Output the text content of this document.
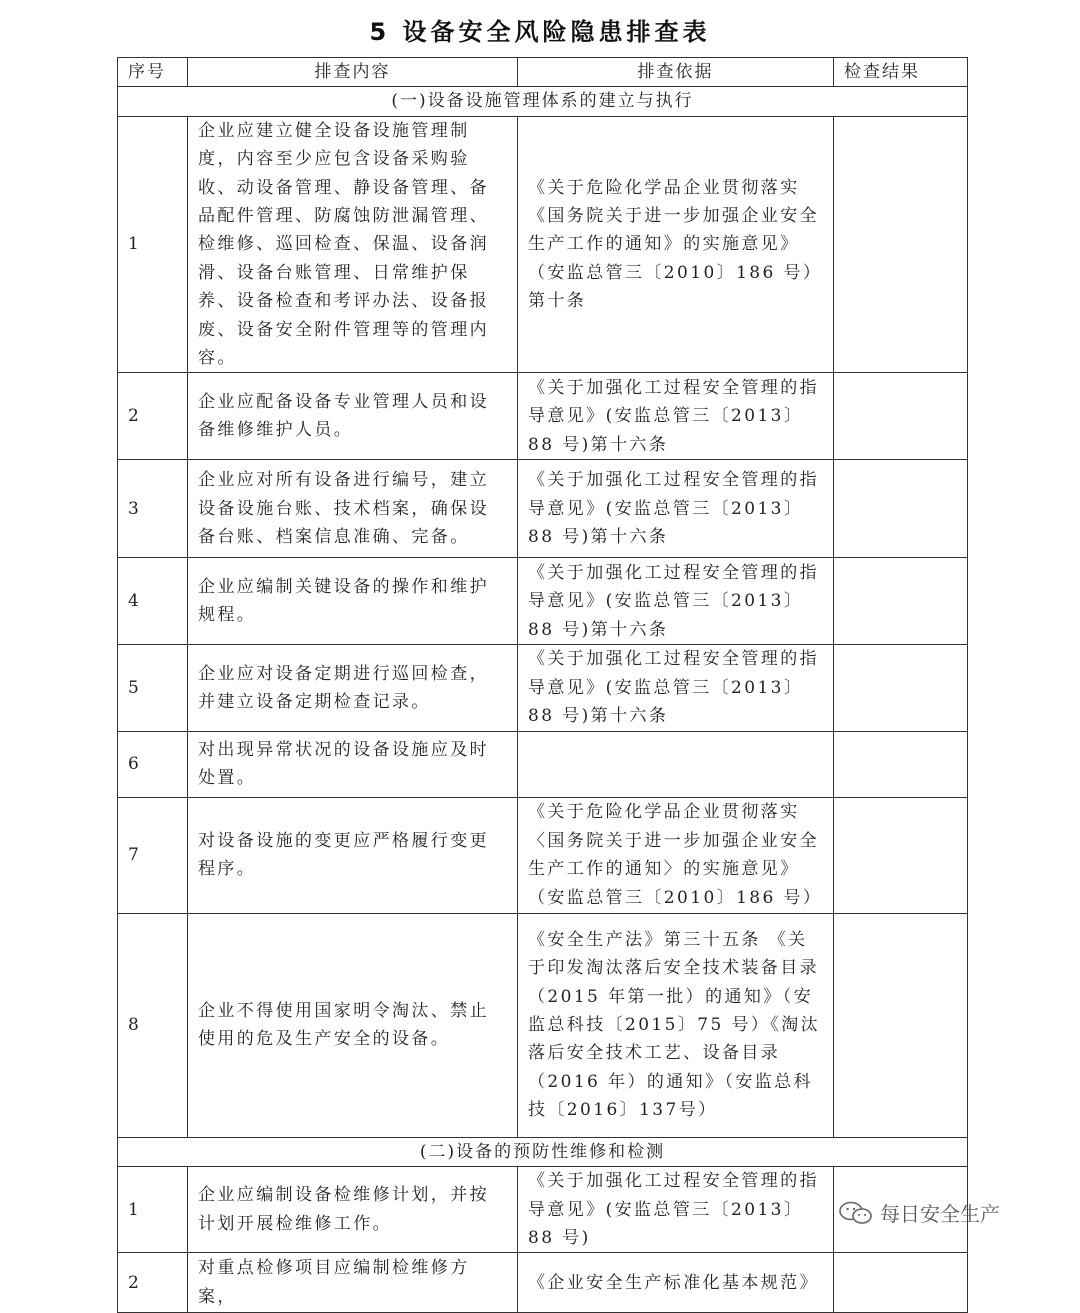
5 设备安全风险隐患排查表
序号	排查内容	排查依据	检查结果
(一)设备设施管理体系的建立与执行			
1	企业应建立健全设备设施管理制度，内容至少应包含设备采购验收、动设备管理、静设备管理、备品配件管理、防腐蚀防泄漏管理、检维修、巡回检查、保温、设备润滑、设备台账管理、日常维护保养、设备检查和考评办法、设备报废、设备安全附件管理等的管理内容。	《关于危险化学品企业贯彻落实《国务院关于进一步加强企业安全生产工作的通知》的实施意见》（安监总管三〔2010〕186 号）第十条	
2	企业应配备设备专业管理人员和设备维修维护人员。	《关于加强化工过程安全管理的指导意见》(安监总管三〔2013〕88 号)第十六条	
3	企业应对所有设备进行编号，建立设备设施台账、技术档案，确保设备台账、档案信息准确、完备。	《关于加强化工过程安全管理的指导意见》(安监总管三〔2013〕88 号)第十六条	
4	企业应编制关键设备的操作和维护规程。	《关于加强化工过程安全管理的指导意见》(安监总管三〔2013〕88 号)第十六条	
5	企业应对设备定期进行巡回检查，并建立设备定期检查记录。	《关于加强化工过程安全管理的指导意见》(安监总管三〔2013〕88 号)第十六条	
6	对出现异常状况的设备设施应及时处置。		
7	对设备设施的变更应严格履行变更程序。	《关于危险化学品企业贯彻落实〈国务院关于进一步加强企业安全生产工作的通知〉的实施意见》（安监总管三〔2010〕186 号）	
8	企业不得使用国家明令淘汰、禁止使用的危及生产安全的设备。	《安全生产法》第三十五条 《关于印发淘汰落后安全技术装备目录（2015 年第一批）的通知》（安监总科技〔2015〕75 号）《淘汰落后安全技术工艺、设备目录（2016 年）的通知》（安监总科技〔2016〕137号）	
(二)设备的预防性维修和检测			
1	企业应编制设备检维修计划，并按计划开展检维修工作。	《关于加强化工过程安全管理的指导意见》(安监总管三〔2013〕88 号)	
2	对重点检修项目应编制检维修方案，	《企业安全生产标准化基本规范》	
每日安全生产
